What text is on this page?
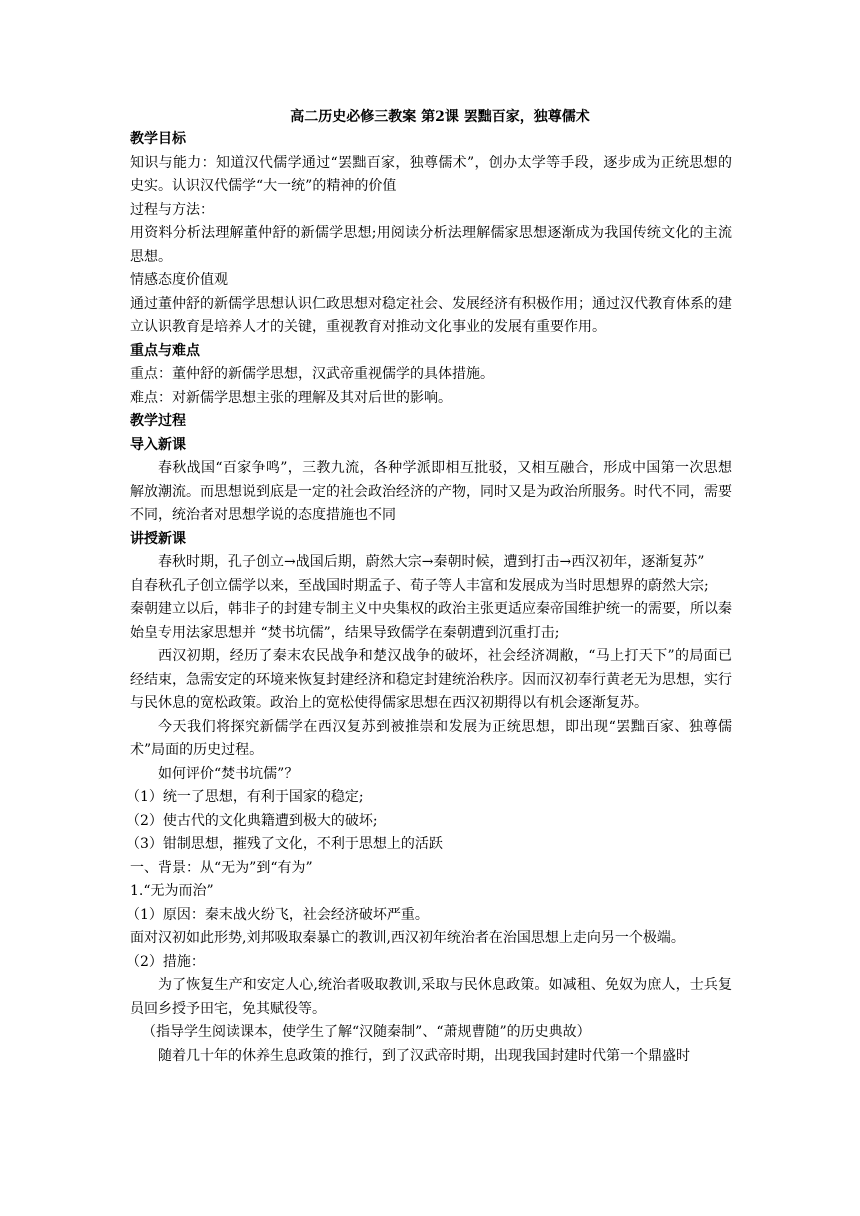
高二历史必修三教案 第2课 罢黜百家，独尊儒术
教学目标

知识与能力：知道汉代儒学通过“罢黜百家，独尊儒术”，创办太学等手段，逐步成为正统思想的史实。认识汉代儒学“大一统”的精神的价值

过程与方法：

用资料分析法理解董仲舒的新儒学思想;用阅读分析法理解儒家思想逐渐成为我国传统文化的主流思想。

情感态度价值观

通过董仲舒的新儒学思想认识仁政思想对稳定社会、发展经济有积极作用；通过汉代教育体系的建立认识教育是培养人才的关键，重视教育对推动文化事业的发展有重要作用。

重点与难点

重点：董仲舒的新儒学思想，汉武帝重视儒学的具体措施。

难点：对新儒学思想主张的理解及其对后世的影响。

教学过程
导入新课

春秋战国“百家争鸣”，三教九流，各种学派即相互批驳，又相互融合，形成中国第一次思想解放潮流。而思想说到底是一定的社会政治经济的产物，同时又是为政治所服务。时代不同，需要不同，统治者对思想学说的态度措施也不同

讲授新课

春秋时期，孔子创立→战国后期，蔚然大宗→秦朝时候，遭到打击→西汉初年，逐渐复苏”

自春秋孔子创立儒学以来，至战国时期孟子、荀子等人丰富和发展成为当时思想界的蔚然大宗;

秦朝建立以后，韩非子的封建专制主义中央集权的政治主张更适应秦帝国维护统一的需要，所以秦始皇专用法家思想并 “焚书坑儒”，结果导致儒学在秦朝遭到沉重打击;

西汉初期，经历了秦末农民战争和楚汉战争的破坏，社会经济凋敝，“马上打天下”的局面已经结束，急需安定的环境来恢复封建经济和稳定封建统治秩序。因而汉初奉行黄老无为思想，实行与民休息的宽松政策。政治上的宽松使得儒家思想在西汉初期得以有机会逐渐复苏。

今天我们将探究新儒学在西汉复苏到被推崇和发展为正统思想，即出现“罢黜百家、独尊儒术”局面的历史过程。

如何评价“焚书坑儒”？

（1）统一了思想，有利于国家的稳定;

（2）使古代的文化典籍遭到极大的破坏;

（3）钳制思想，摧残了文化，不利于思想上的活跃

一、背景：从“无为”到“有为”

1.“无为而治”

（1）原因：秦末战火纷飞，社会经济破坏严重。

面对汉初如此形势,刘邦吸取秦暴亡的教训,西汉初年统治者在治国思想上走向另一个极端。

（2）措施：

为了恢复生产和安定人心,统治者吸取教训,采取与民休息政策。如减租、免奴为庶人，士兵复员回乡授予田宅，免其赋役等。

（指导学生阅读课本，使学生了解“汉随秦制”、“萧规曹随”的历史典故）

随着几十年的休养生息政策的推行，到了汉武帝时期，出现我国封建时代第一个鼎盛时
